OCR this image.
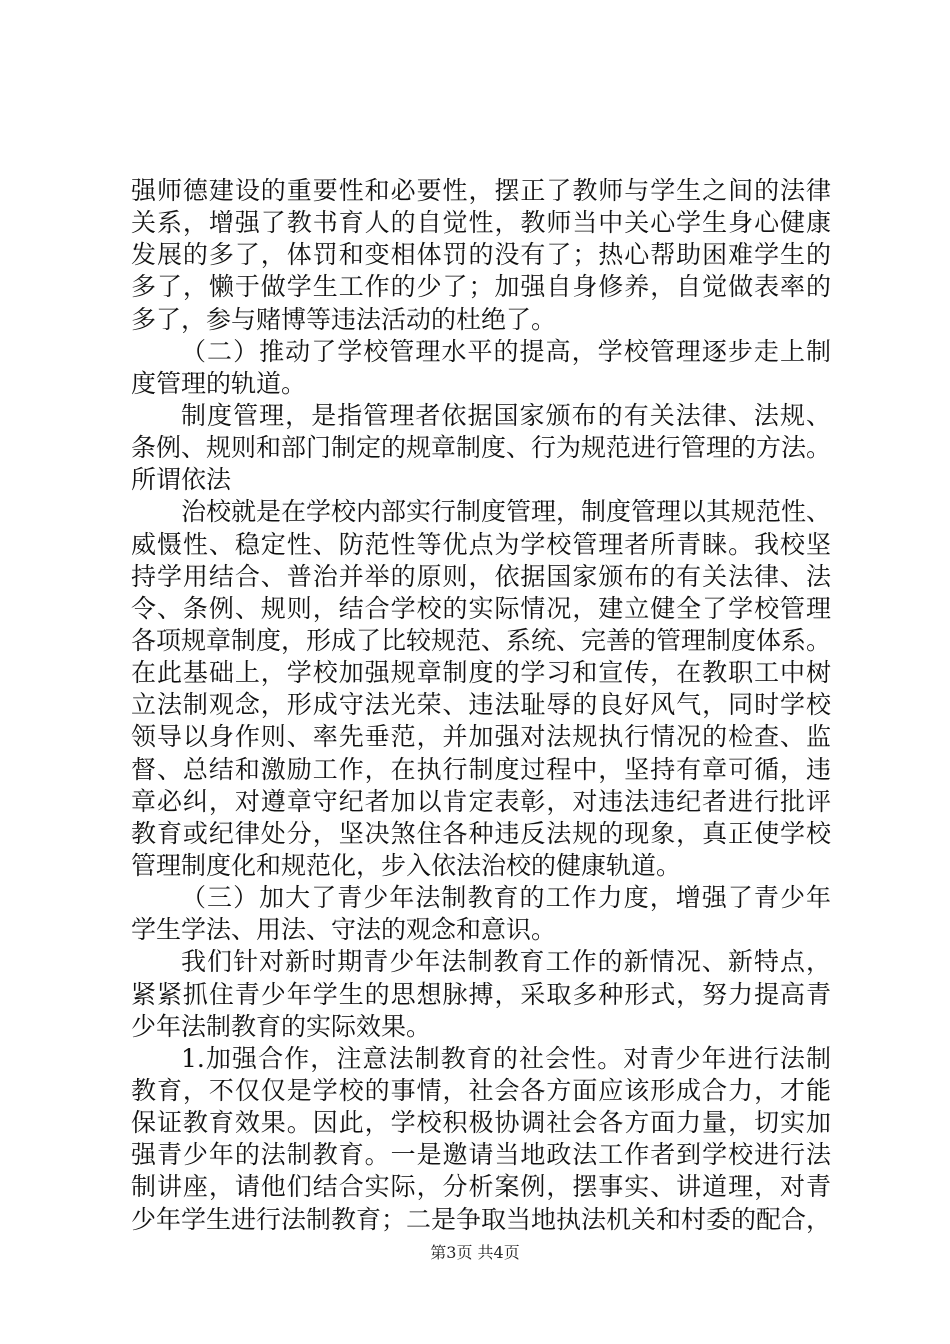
强师德建设的重要性和必要性，摆正了教师与学生之间的法律
关系，增强了教书育人的自觉性，教师当中关心学生身心健康
发展的多了，体罚和变相体罚的没有了；热心帮助困难学生的
多了，懒于做学生工作的少了；加强自身修养，自觉做表率的
多了，参与赌博等违法活动的杜绝了。
（二）推动了学校管理水平的提高，学校管理逐步走上制
度管理的轨道。
制度管理，是指管理者依据国家颁布的有关法律、法规、
条例、规则和部门制定的规章制度、行为规范进行管理的方法。
所谓依法
治校就是在学校内部实行制度管理，制度管理以其规范性、
威慑性、稳定性、防范性等优点为学校管理者所青睐。我校坚
持学用结合、普治并举的原则，依据国家颁布的有关法律、法
令、条例、规则，结合学校的实际情况，建立健全了学校管理
各项规章制度，形成了比较规范、系统、完善的管理制度体系。
在此基础上，学校加强规章制度的学习和宣传，在教职工中树
立法制观念，形成守法光荣、违法耻辱的良好风气，同时学校
领导以身作则、率先垂范，并加强对法规执行情况的检查、监
督、总结和激励工作，在执行制度过程中，坚持有章可循，违
章必纠，对遵章守纪者加以肯定表彰，对违法违纪者进行批评
教育或纪律处分，坚决煞住各种违反法规的现象，真正使学校
管理制度化和规范化，步入依法治校的健康轨道。
（三）加大了青少年法制教育的工作力度，增强了青少年
学生学法、用法、守法的观念和意识。
我们针对新时期青少年法制教育工作的新情况、新特点，
紧紧抓住青少年学生的思想脉搏，采取多种形式，努力提高青
少年法制教育的实际效果。
1.加强合作，注意法制教育的社会性。对青少年进行法制
教育，不仅仅是学校的事情，社会各方面应该形成合力，才能
保证教育效果。因此，学校积极协调社会各方面力量，切实加
强青少年的法制教育。一是邀请当地政法工作者到学校进行法
制讲座，请他们结合实际，分析案例，摆事实、讲道理，对青
少年学生进行法制教育；二是争取当地执法机关和村委的配合，
第3页 共4页
